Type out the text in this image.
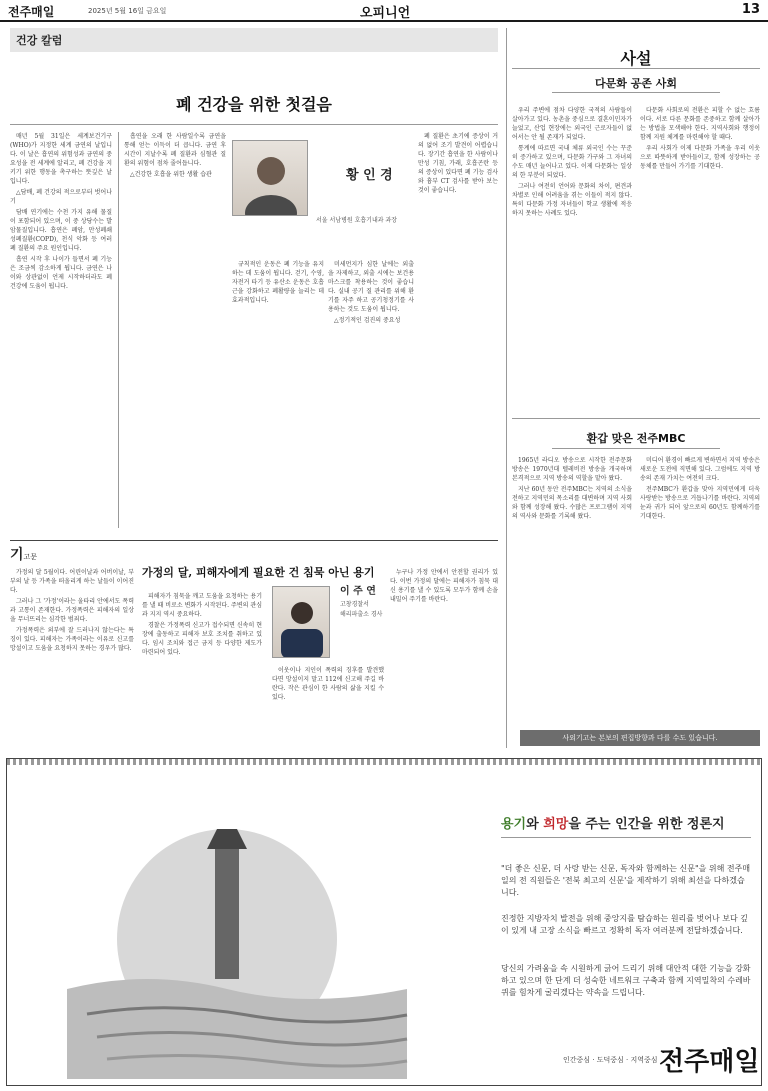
전주매일	2025년 5월 16일 금요일	오피니언	13
건강 칼럼
폐 건강을 위한 첫걸음
황 인 경
서울 서남병원 호흡기내과 과장

매년 5월 31일은 세계보건기구(WHO)가 지정한 세계 금연의 날입니다. 이 날은 흡연의 위험성과 금연의 중요성을 전 세계에 알리고, 폐 건강을 지키기 위한 행동을 촉구하는 뜻깊은 날입니다.

△담배, 폐 건강의 적으로부터 벗어나기

담배 연기에는 수천 가지 유해 물질이 포함되어 있으며, 이 중 상당수는 발암물질입니다. 흡연은 폐암, 만성폐쇄성폐질환(COPD), 천식 악화 등 여러 폐 질환의 주요 원인입니다.

흡연 시작 후 나이가 들면서 폐 기능은 조금씩 감소하게 됩니다. 금연은 나이와 상관없이 언제 시작하더라도 폐 건강에 도움이 됩니다.

흡연을 오래 한 사람일수록 금연을 통해 얻는 이득이 더 큽니다. 금연 후 시간이 지날수록 폐 질환과 심혈관 질환의 위험이 점차 줄어듭니다.

△건강한 호흡을 위한 생활 습관

규칙적인 운동은 폐 기능을 유지하는 데 도움이 됩니다. 걷기, 수영, 자전거 타기 등 유산소 운동은 호흡근을 강화하고 폐활량을 늘리는 데 효과적입니다.

미세먼지가 심한 날에는 외출을 자제하고, 외출 시에는 보건용 마스크를 착용하는 것이 좋습니다. 실내 공기 질 관리를 위해 환기를 자주 하고 공기청정기를 사용하는 것도 도움이 됩니다.

△정기적인 검진의 중요성

폐 질환은 초기에 증상이 거의 없어 조기 발견이 어렵습니다. 장기간 흡연을 한 사람이나 만성 기침, 가래, 호흡곤란 등의 증상이 있다면 폐 기능 검사와 흉부 CT 검사를 받아 보는 것이 좋습니다.

사설
다문화 공존 사회

우리 주변에 점차 다양한 국적의 사람들이 살아가고 있다. 농촌을 중심으로 결혼이민자가 늘었고, 산업 현장에는 외국인 근로자들이 없어서는 안 될 존재가 되었다.

통계에 따르면 국내 체류 외국인 수는 꾸준히 증가하고 있으며, 다문화 가구와 그 자녀의 수도 매년 늘어나고 있다. 이제 다문화는 일상의 한 부분이 되었다.

그러나 여전히 언어와 문화의 차이, 편견과 차별로 인해 어려움을 겪는 이들이 적지 않다. 특히 다문화 가정 자녀들이 학교 생활에 적응하지 못하는 사례도 있다.

다문화 사회로의 전환은 피할 수 없는 흐름이다. 서로 다른 문화를 존중하고 함께 살아가는 방법을 모색해야 한다. 지역사회와 행정이 함께 지원 체계를 마련해야 할 때다.

우리 사회가 이제 다문화 가족을 우리 이웃으로 따뜻하게 받아들이고, 함께 성장하는 공동체를 만들어 가기를 기대한다.

환갑 맞은 전주MBC

1965년 라디오 방송으로 시작한 전주문화방송은 1970년대 텔레비전 방송을 개국하며 본격적으로 지역 방송의 역할을 맡아 왔다.

지난 60년 동안 전주MBC는 지역의 소식을 전하고 지역민의 목소리를 대변하며 지역 사회와 함께 성장해 왔다. 수많은 프로그램이 지역의 역사와 문화를 기록해 왔다.

미디어 환경이 빠르게 변하면서 지역 방송은 새로운 도전에 직면해 있다. 그럼에도 지역 방송의 존재 가치는 여전히 크다.

전주MBC가 환갑을 맞아 지역민에게 더욱 사랑받는 방송으로 거듭나기를 바란다. 지역의 눈과 귀가 되어 앞으로의 60년도 함께하기를 기대한다.

사외기고는 본보의 편집방향과 다를 수도 있습니다.
기고문

가정의 달 5월이다. 어린이날과 어버이날, 부부의 날 등 가족을 떠올리게 하는 날들이 이어진다.

그러나 그 '가정'이라는 울타리 안에서도 폭력과 고통이 존재한다. 가정폭력은 피해자의 일상을 무너뜨리는 심각한 범죄다.

가정폭력은 외부에 잘 드러나지 않는다는 특징이 있다. 피해자는 가족이라는 이유로 신고를 망설이고 도움을 요청하지 못하는 경우가 많다.

가정의 달, 피해자에게 필요한 건 침묵 아닌 용기

피해자가 침묵을 깨고 도움을 요청하는 용기를 낼 때 비로소 변화가 시작된다. 주변의 관심과 지지 역시 중요하다.

경찰은 가정폭력 신고가 접수되면 신속히 현장에 출동하고 피해자 보호 조치를 취하고 있다. 임시 조치와 접근 금지 등 다양한 제도가 마련되어 있다.

이 주 연
고창경찰서
해리파출소 경사

이웃이나 지인이 폭력의 징후를 발견했다면 망설이지 말고 112에 신고해 주길 바란다. 작은 관심이 한 사람의 삶을 지킬 수 있다.

누구나 가정 안에서 안전할 권리가 있다. 이번 가정의 달에는 피해자가 침묵 대신 용기를 낼 수 있도록 모두가 함께 손을 내밀어 주기를 바란다.

용기와 희망을 주는 인간을 위한 정론지
"더 좋은 신문, 더 사랑 받는 신문, 독자와 함께하는 신문"을 위해 전주매일의 전 직원들은 '전북 최고의 신문'을 제작하기 위해 최선을 다하겠습니다.
진정한 지방자치 발전을 위해 중앙지를 탐습하는 원리를 벗어나 보다 깊이 있게 내 고장 소식을 빠르고 정확히 독자 여러분께 전달하겠습니다.
당신의 가려움을 속 시원하게 긁어 드리기 위해 대안적 대한 기능을 강화하고 있으며 한 단계 더 성숙한 네트워크 구축과 함께 지역밀착의 수레바퀴를 힘차게 굴리겠다는 약속을 드립니다.
인간중심 · 도덕중심 · 지역중심 전주매일
